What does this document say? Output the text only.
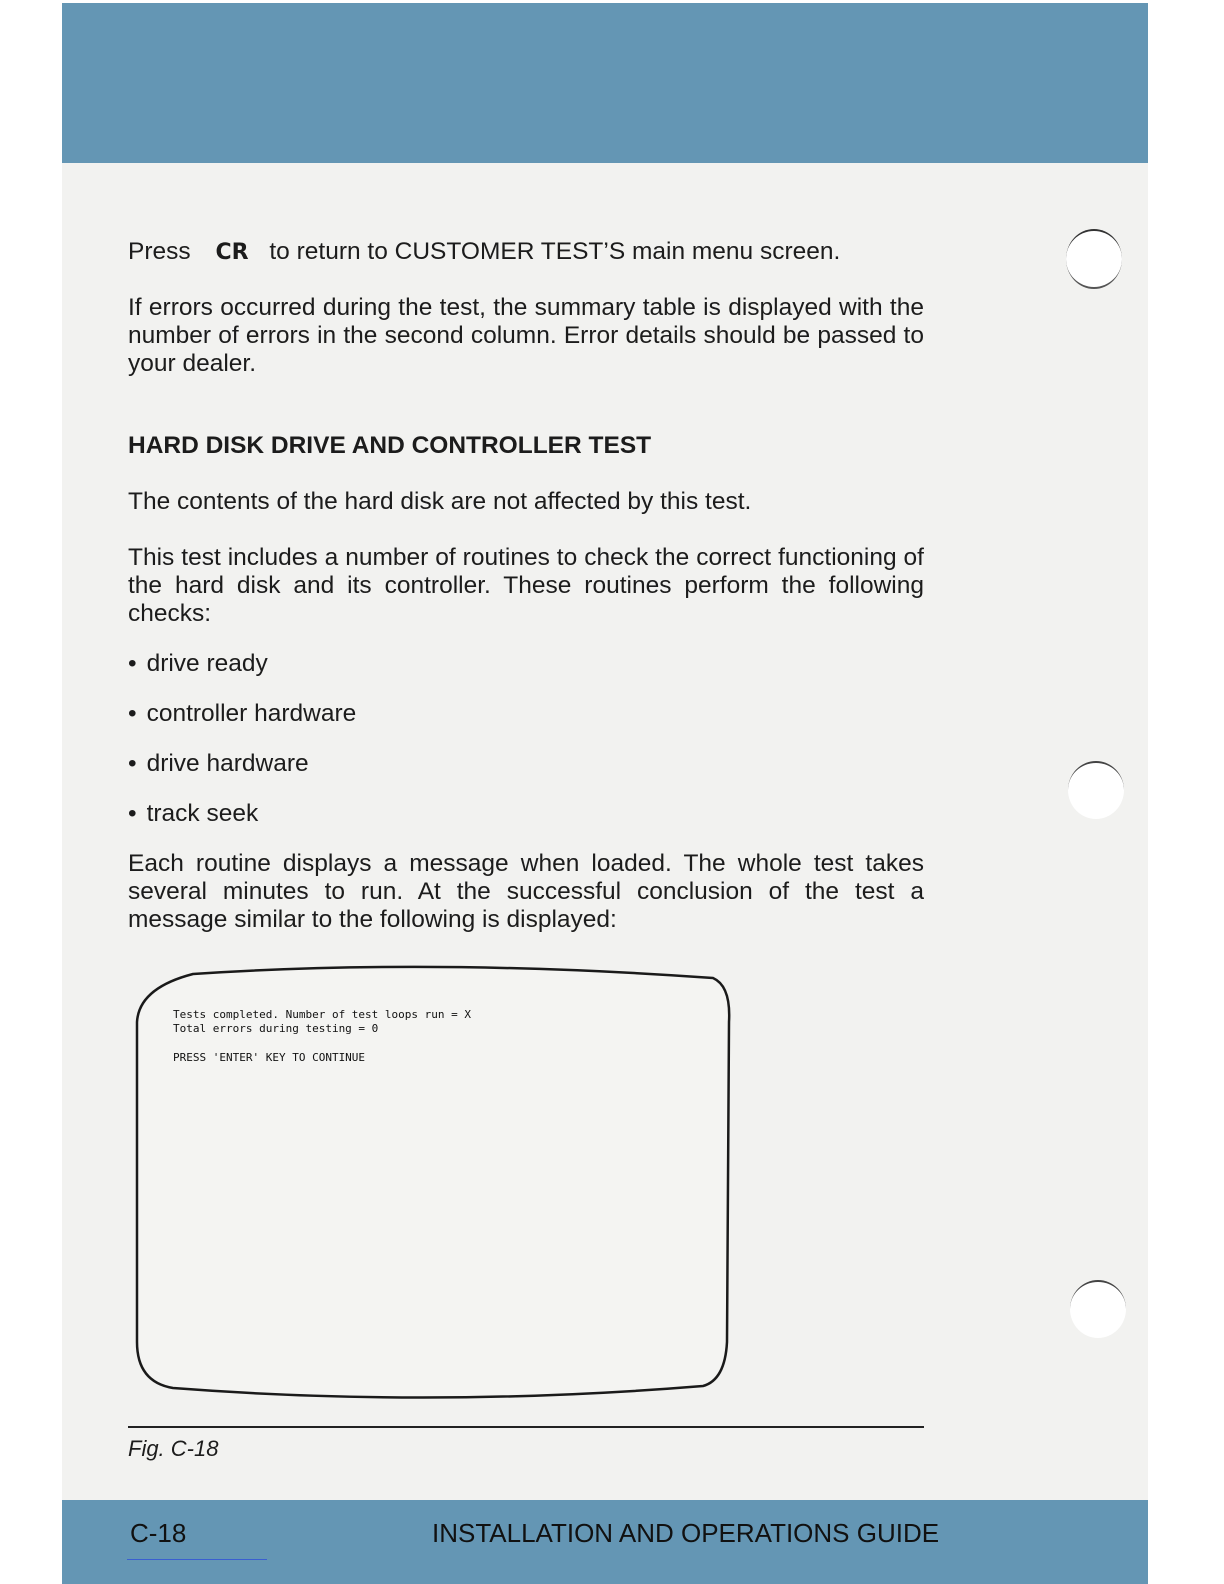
Press CR to return to CUSTOMER TEST’S main menu screen.
If errors occurred during the test, the summary table is displayed with the number of errors in the second column. Error details should be passed to your dealer.
HARD DISK DRIVE AND CONTROLLER TEST
The contents of the hard disk are not affected by this test.
This test includes a number of routines to check the correct functioning of the hard disk and its controller. These routines perform the following checks:
• drive ready
• controller hardware
• drive hardware
• track seek
Each routine displays a message when loaded. The whole test takes several minutes to run. At the successful conclusion of the test a message similar to the following is displayed:
Tests completed. Number of test loops run = X
Total errors during testing = 0
PRESS 'ENTER' KEY TO CONTINUE
Fig. C-18
C-18	INSTALLATION AND OPERATIONS GUIDE
